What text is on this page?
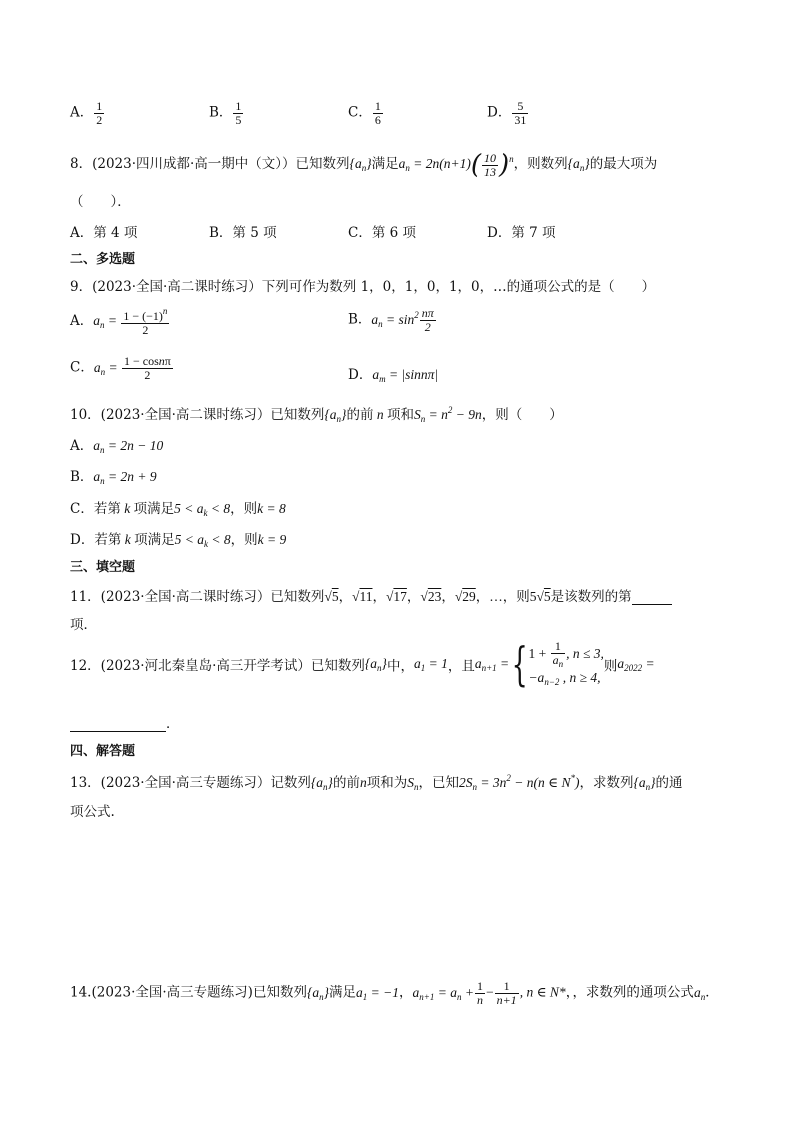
A． $\frac{1}{2}$	B． $\frac{1}{5}$	C． $\frac{1}{6}$	D． $\frac{5}{31}$
8．(2023·四川成都·高一期中（文））已知数列$\{a_n\}$满足$a_n = 2n(n+1)( \frac{10}{13} )^n$，则数列$\{a_n\}$的最大项为
（　　）．
A．第 4 项	B．第 5 项	C．第 6 项	D．第 7 项
二、多选题
9．(2023·全国·高二课时练习）下列可作为数列 1，0，1，0，1，0，…的通项公式的是（　　）
A．$a_n = \frac{1 - (-1)^n}{2}$	B．$a_n = \sin^2 \frac{n\pi}{2}$
C．$a_n = \frac{1 - \cos n\pi}{2}$	D．$a_m = |\sin n\pi|$
10．(2023·全国·高二课时练习）已知数列$\{a_n\}$的前 n 项和$S_n = n^2 - 9n$，则（　　）
A．$a_n = 2n - 10$
B．$a_n = 2n + 9$
C．若第 k 项满足$5 < a_k < 8$，则k = 8
D．若第 k 项满足$5 < a_k < 8$，则k = 9
三、填空题
11．(2023·全国·高二课时练习）已知数列√5，√11，√17，√23，√29，…，则5√5是该数列的第
项．
12．(2023·河北秦皇岛·高三开学考试）已知数列$\{a_n\}$中，$a_1 = 1$，且$a_{n+1}$ ={ $1 + \frac{1}{a_n}$ , n ≤ 3,
$-a_{n-2}$ , n ≥ 4,
则$a_{2022}$ =
．
四、解答题
13．(2023·全国·高三专题练习）记数列$\{a_n\}$的前n项和为$S_n$，已知$2S_n = 3n^2 - n(n$ ∈ N*)，求数列$\{a_n\}$的通
项公式.
14.(2023·全国·高三专题练习)已知数列$\{a_n\}$满足$a_1 = -1$，$a_{n+1} = a_n + \frac{1}{n} - \frac{1}{n+1}$ , n ∈ N*，，求数列的通项公式$a_n$．
